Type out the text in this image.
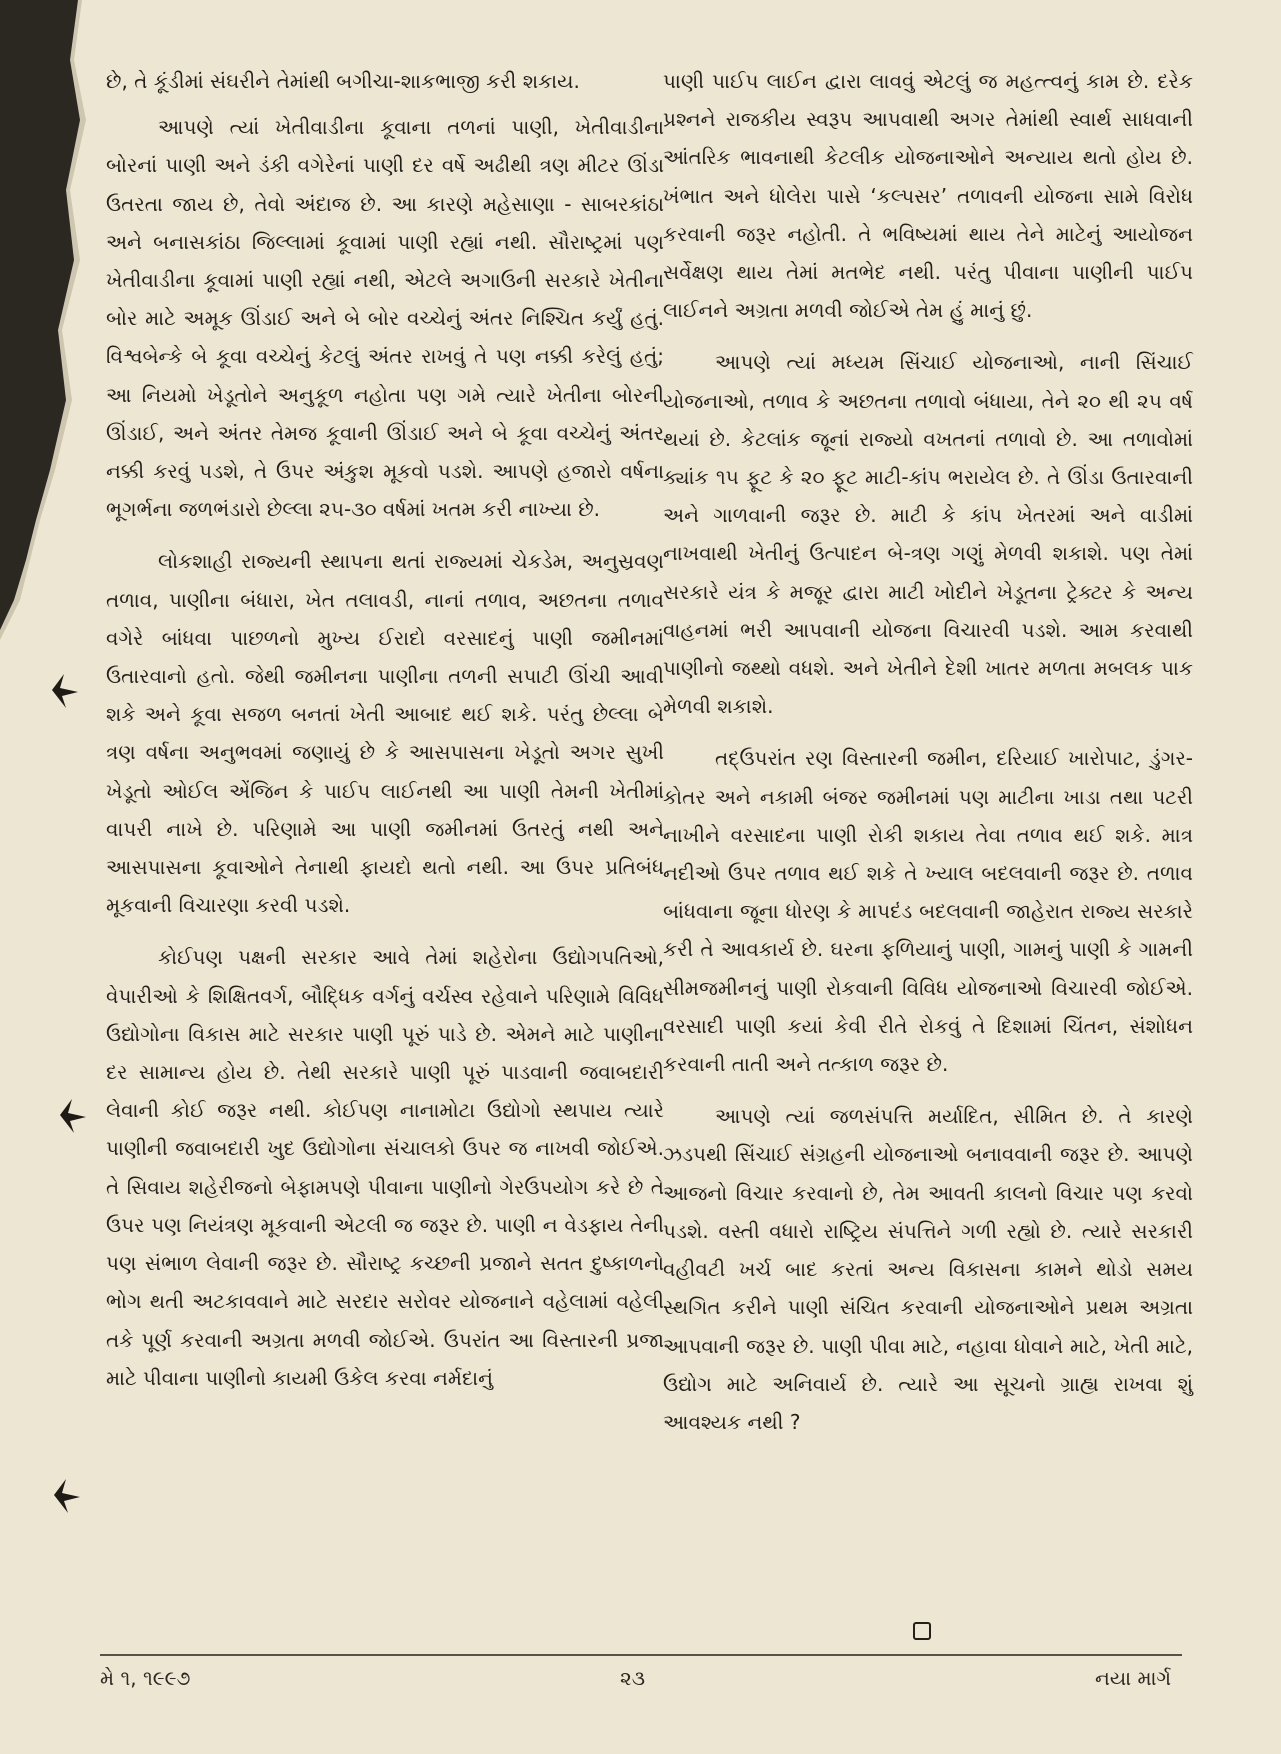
છે, તે કૂંડીમાં સંઘરીને તેમાંથી બગીચા-શાકભાજી કરી શકાય.

આપણે ત્યાં ખેતીવાડીના કૂવાના તળનાં પાણી, ખેતીવાડીના બોરનાં પાણી અને ડંકી વગેરેનાં પાણી દર વર્ષે અઢીથી ત્રણ મીટર ઊંડા ઉતરતા જાય છે, તેવો અંદાજ છે. આ કારણે મહેસાણા - સાબરકાંઠા અને બનાસકાંઠા જિલ્લામાં કૂવામાં પાણી રહ્યાં નથી. સૌરાષ્ટ્રમાં પણ ખેતીવાડીના કૂવામાં પાણી રહ્યાં નથી, એટલે અગાઉની સરકારે ખેતીના બોર માટે અમૂક ઊંડાઈ અને બે બોર વચ્ચેનું અંતર નિશ્ચિત કર્યું હતું. વિશ્વબેન્કે બે કૂવા વચ્ચેનું કેટલું અંતર રાખવું તે પણ નક્કી કરેલું હતું; આ નિયમો ખેડૂતોને અનુકૂળ નહોતા પણ ગમે ત્યારે ખેતીના બોરની ઊંડાઈ, અને અંતર તેમજ કૂવાની ઊંડાઈ અને બે કૂવા વચ્ચેનું અંતર નક્કી કરવું પડશે, તે ઉપર અંકુશ મૂકવો પડશે. આપણે હજારો વર્ષના ભૂગર્ભના જળભંડારો છેલ્લા ૨૫-૩૦ વર્ષમાં ખતમ કરી નાખ્યા છે.

લોકશાહી રાજ્યની સ્થાપના થતાં રાજ્યમાં ચેકડેમ, અનુસ્રવણ તળાવ, પાણીના બંધારા, ખેત તલાવડી, નાનાં તળાવ, અછતના તળાવ વગેરે બાંધવા પાછળનો મુખ્ય ઈરાદો વરસાદનું પાણી જમીનમાં ઉતારવાનો હતો. જેથી જમીનના પાણીના તળની સપાટી ઊંચી આવી શકે અને કૂવા સજળ બનતાં ખેતી આબાદ થઈ શકે. પરંતુ છેલ્લા બે ત્રણ વર્ષના અનુભવમાં જણાયું છે કે આસપાસના ખેડૂતો અગર સુખી ખેડૂતો ઓઈલ એંજિન કે પાઈપ લાઈનથી આ પાણી તેમની ખેતીમાં વાપરી નાખે છે. પરિણામે આ પાણી જમીનમાં ઉતરતું નથી અને આસપાસના કૂવાઓને તેનાથી ફાયદો થતો નથી. આ ઉપર પ્રતિબંધ મૂકવાની વિચારણા કરવી પડશે.

કોઈપણ પક્ષની સરકાર આવે તેમાં શહેરોના ઉદ્યોગપતિઓ, વેપારીઓ કે શિક્ષિતવર્ગ, બૌદ્ધિક વર્ગનું વર્ચસ્વ રહેવાને પરિણામે વિવિધ ઉદ્યોગોના વિકાસ માટે સરકાર પાણી પૂરું પાડે છે. એમને માટે પાણીના દર સામાન્ય હોય છે. તેથી સરકારે પાણી પૂરું પાડવાની જવાબદારી લેવાની કોઈ જરૂર નથી. કોઈપણ નાનામોટા ઉદ્યોગો સ્થપાય ત્યારે પાણીની જવાબદારી ખુદ ઉદ્યોગોના સંચાલકો ઉપર જ નાખવી જોઈએ. તે સિવાય શહેરીજનો બેફામપણે પીવાના પાણીનો ગેરઉપયોગ કરે છે તે ઉપર પણ નિયંત્રણ મૂકવાની એટલી જ જરૂર છે. પાણી ન વેડફાય તેની પણ સંભાળ લેવાની જરૂર છે. સૌરાષ્ટ્ર કચ્છની પ્રજાને સતત દુષ્કાળનો ભોગ થતી અટકાવવાને માટે સરદાર સરોવર યોજનાને વહેલામાં વહેલી તકે પૂર્ણ કરવાની અગ્રતા મળવી જોઈએ. ઉપરાંત આ વિસ્તારની પ્રજા માટે પીવાના પાણીનો કાયમી ઉકેલ કરવા નર્મદાનું

પાણી પાઈપ લાઈન દ્વારા લાવવું એટલું જ મહત્ત્વનું કામ છે. દરેક પ્રશ્નને રાજકીય સ્વરૂપ આપવાથી અગર તેમાંથી સ્વાર્થ સાધવાની આંતરિક ભાવનાથી કેટલીક યોજનાઓને અન્યાય થતો હોય છે. ખંભાત અને ધોલેરા પાસે ‘કલ્પસર’ તળાવની યોજના સામે વિરોધ કરવાની જરૂર નહોતી. તે ભવિષ્યમાં થાય તેને માટેનું આયોજન સર્વેક્ષણ થાય તેમાં મતભેદ નથી. પરંતુ પીવાના પાણીની પાઈપ લાઈનને અગ્રતા મળવી જોઈએ તેમ હું માનું છું.

આપણે ત્યાં મધ્યમ સિંચાઈ યોજનાઓ, નાની સિંચાઈ યોજનાઓ, તળાવ કે અછતના તળાવો બંધાયા, તેને ૨૦ થી ૨૫ વર્ષ થયાં છે. કેટલાંક જૂનાં રાજ્યો વખતનાં તળાવો છે. આ તળાવોમાં ક્યાંક ૧૫ ફૂટ કે ૨૦ ફૂટ માટી-કાંપ ભરાયેલ છે. તે ઊંડા ઉતારવાની અને ગાળવાની જરૂર છે. માટી કે કાંપ ખેતરમાં અને વાડીમાં નાખવાથી ખેતીનું ઉત્પાદન બે-ત્રણ ગણું મેળવી શકાશે. પણ તેમાં સરકારે યંત્ર કે મજૂર દ્વારા માટી ખોદીને ખેડૂતના ટ્રેક્ટર કે અન્ય વાહનમાં ભરી આપવાની યોજના વિચારવી પડશે. આમ કરવાથી પાણીનો જથ્થો વધશે. અને ખેતીને દેશી ખાતર મળતા મબલક પાક મેળવી શકાશે.

તદ્‌ઉપરાંત રણ વિસ્તારની જમીન, દરિયાઈ ખારોપાટ, ડુંગર-કોતર અને નકામી બંજર જમીનમાં પણ માટીના ખાડા તથા પટરી નાખીને વરસાદના પાણી રોકી શકાય તેવા તળાવ થઈ શકે. માત્ર નદીઓ ઉપર તળાવ થઈ શકે તે ખ્યાલ બદલવાની જરૂર છે. તળાવ બાંધવાના જૂના ધોરણ કે માપદંડ બદલવાની જાહેરાત રાજ્ય સરકારે કરી તે આવકાર્ય છે. ઘરના ફળિયાનું પાણી, ગામનું પાણી કે ગામની સીમજમીનનું પાણી રોકવાની વિવિધ યોજનાઓ વિચારવી જોઈએ. વરસાદી પાણી કયાં કેવી રીતે રોકવું તે દિશામાં ચિંતન, સંશોધન કરવાની તાતી અને તત્કાળ જરૂર છે.

આપણે ત્યાં જળસંપત્તિ મર્યાદિત, સીમિત છે. તે કારણે ઝડપથી સિંચાઈ સંગ્રહની યોજનાઓ બનાવવાની જરૂર છે. આપણે આજનો વિચાર કરવાનો છે, તેમ આવતી કાલનો વિચાર પણ કરવો પડશે. વસ્તી વધારો રાષ્ટ્રિય સંપત્તિને ગળી રહ્યો છે. ત્યારે સરકારી વહીવટી ખર્ચ બાદ કરતાં અન્ય વિકાસના કામને થોડો સમય સ્થગિત કરીને પાણી સંચિત કરવાની યોજનાઓને પ્રથમ અગ્રતા આપવાની જરૂર છે. પાણી પીવા માટે, નહાવા ધોવાને માટે, ખેતી માટે, ઉદ્યોગ માટે અનિવાર્ય છે. ત્યારે આ સૂચનો ગ્રાહ્ય રાખવા શું આવશ્યક નથી ?

મે ૧, ૧૯૯૭	૨૩	નયા માર્ગ
